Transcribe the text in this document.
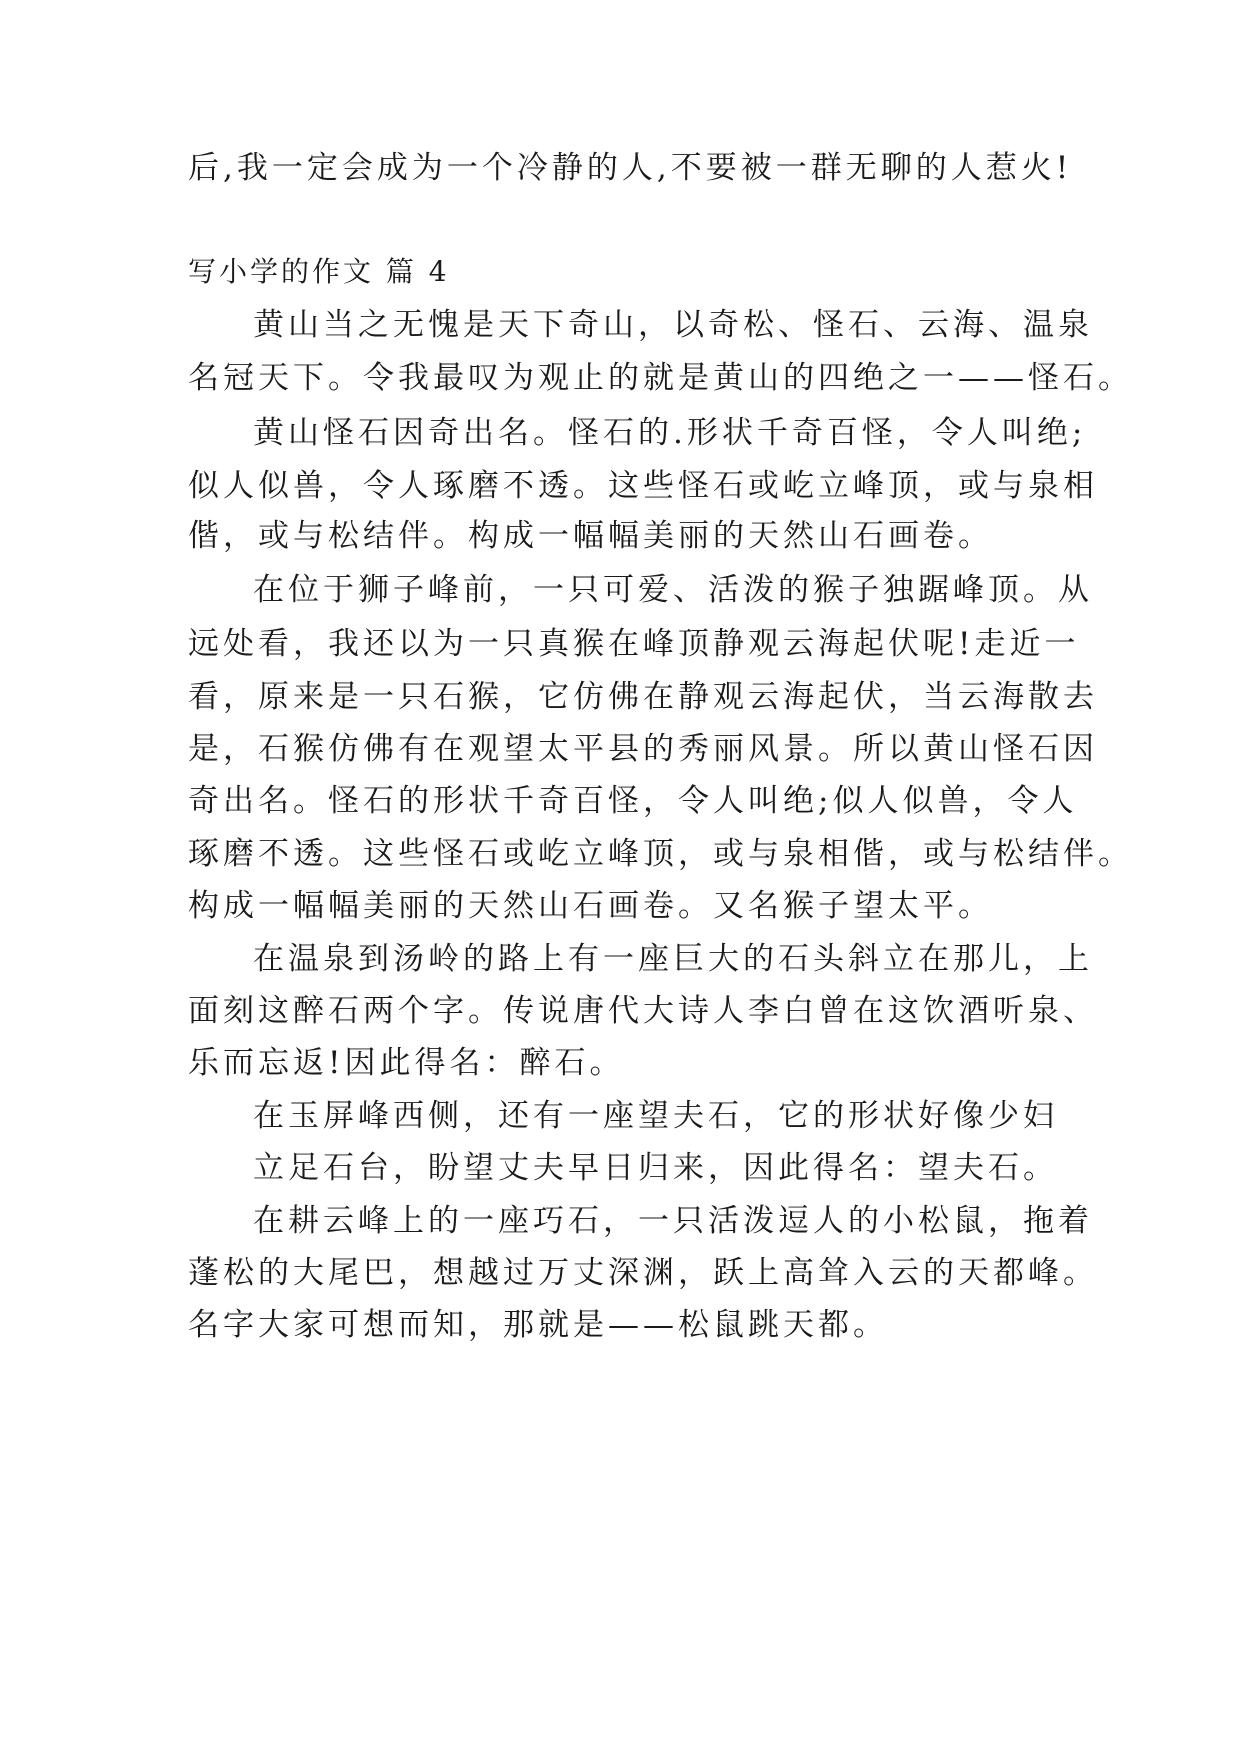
后,我一定会成为一个冷静的人,不要被一群无聊的人惹火!
写小学的作文 篇 4
黄山当之无愧是天下奇山，以奇松、怪石、云海、温泉
名冠天下。令我最叹为观止的就是黄山的四绝之一——怪石。
黄山怪石因奇出名。怪石的.形状千奇百怪，令人叫绝;
似人似兽，令人琢磨不透。这些怪石或屹立峰顶，或与泉相
偕，或与松结伴。构成一幅幅美丽的天然山石画卷。
在位于狮子峰前，一只可爱、活泼的猴子独踞峰顶。从
远处看，我还以为一只真猴在峰顶静观云海起伏呢!走近一
看，原来是一只石猴，它仿佛在静观云海起伏，当云海散去
是，石猴仿佛有在观望太平县的秀丽风景。所以黄山怪石因
奇出名。怪石的形状千奇百怪，令人叫绝;似人似兽，令人
琢磨不透。这些怪石或屹立峰顶，或与泉相偕，或与松结伴。
构成一幅幅美丽的天然山石画卷。又名猴子望太平。
在温泉到汤岭的路上有一座巨大的石头斜立在那儿，上
面刻这醉石两个字。传说唐代大诗人李白曾在这饮酒听泉、
乐而忘返!因此得名：醉石。
在玉屏峰西侧，还有一座望夫石，它的形状好像少妇
立足石台，盼望丈夫早日归来，因此得名：望夫石。
在耕云峰上的一座巧石，一只活泼逗人的小松鼠，拖着
蓬松的大尾巴，想越过万丈深渊，跃上高耸入云的天都峰。
名字大家可想而知，那就是——松鼠跳天都。
